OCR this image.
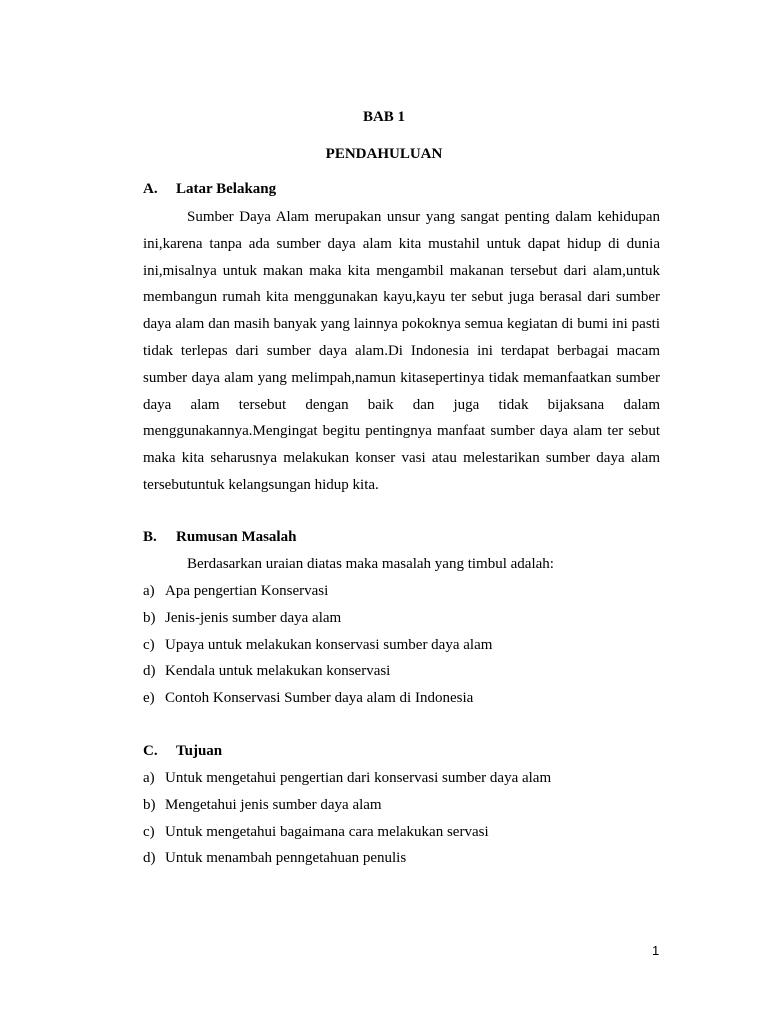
BAB 1
PENDAHULUAN
A. Latar Belakang

Sumber Daya Alam merupakan unsur yang sangat penting dalam kehidupan ini,karena tanpa ada sumber daya alam kita mustahil untuk dapat hidup di dunia ini,misalnya untuk makan maka kita mengambil makanan tersebut dari alam,untuk membangun rumah kita menggunakan kayu,kayu ter sebut juga berasal dari sumber daya alam dan masih banyak yang lainnya pokoknya semua kegiatan di bumi ini pasti tidak terlepas dari sumber daya alam.Di Indonesia ini terdapat berbagai macam sumber daya alam yang melimpah,namun kitasepertinya tidak memanfaatkan sumber daya alam tersebut dengan baik dan juga tidak bijaksana dalam menggunakannya.Mengingat begitu pentingnya manfaat sumber daya alam ter sebut maka kita seharusnya melakukan konser vasi atau melestarikan sumber daya alam tersebutuntuk kelangsungan hidup kita.

B. Rumusan Masalah
Berdasarkan uraian diatas maka masalah yang timbul adalah:
a) Apa pengertian Konservasi
b) Jenis-jenis sumber daya alam
c) Upaya untuk melakukan konservasi sumber daya alam
d) Kendala untuk melakukan konservasi
e) Contoh Konservasi Sumber daya alam di Indonesia
C. Tujuan
a) Untuk mengetahui pengertian dari konservasi sumber daya alam
b) Mengetahui jenis sumber daya alam
c) Untuk mengetahui bagaimana cara melakukan servasi
d) Untuk menambah penngetahuan penulis
1
